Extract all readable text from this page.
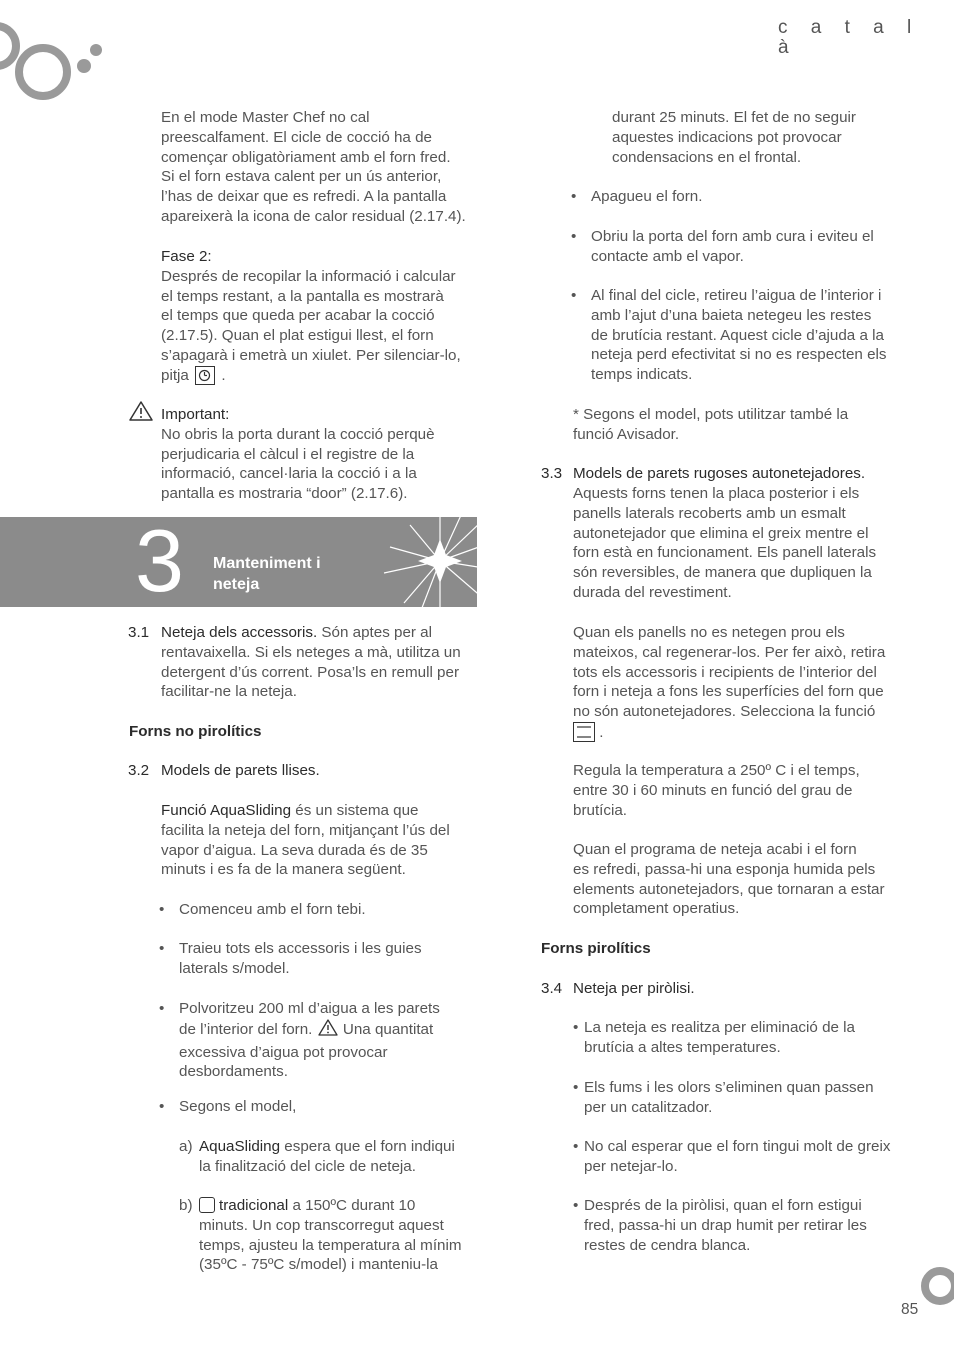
c a t a l à

En el mode Master Chef no cal

preescalfament. El cicle de cocció ha de

començar obligatòriament amb el forn fred.

Si el forn estava calent per un ús anterior,

l’has de deixar que es refredi. A la pantalla

apareixerà la icona de calor residual (2.17.4).

Fase 2:

Després de recopilar la informació i calcular

el temps restant, a la pantalla es mostrarà

el temps que queda per acabar la cocció

(2.17.5). Quan el plat estigui llest, el forn

s’apagarà i emetrà un xiulet. Per silenciar-lo,

pitja .

Important:

No obris la porta durant la cocció perquè

perjudicaria el càlcul i el registre de la

informació, cancel·laria la cocció i a la

pantalla es mostraria “door” (2.17.6).

3 Manteniment i neteja
3.1 Neteja dels accessoris. Són aptes per al

rentavaixella. Si els neteges a mà, utilitza un

detergent d’ús corrent. Posa’ls en remull per

facilitar-ne la neteja.

Forns no pirolítics
3.2 Models de parets llises.

Funció AquaSliding és un sistema que

facilita la neteja del forn, mitjançant l’ús del

vapor d’aigua. La seva durada és de 35

minuts i es fa de la manera següent.

• Comenceu amb el forn tebi.
• Traieu tots els accessoris i les guies

laterals s/model.

• Polvoritzeu 200 ml d’aigua a les parets

de l’interior del forn. Una quantitat

excessiva d’aigua pot provocar

desbordaments.

• Segons el model,
a) AquaSliding espera que el forn indiqui

la finalització del cicle de neteja.

b)	tradicional a 150ºC durant 10

minuts. Un cop transcorregut aquest

temps, ajusteu la temperatura al mínim

(35ºC - 75ºC s/model) i manteniu-la

durant 25 minuts. El fet de no seguir

aquestes indicacions pot provocar

condensacions en el frontal.

• Apagueu el forn.
• Obriu la porta del forn amb cura i eviteu el

contacte amb el vapor.

• Al final del cicle, retireu l’aigua de l’interior i

amb l’ajut d’una baieta netegeu les restes

de brutícia restant. Aquest cicle d’ajuda a la

neteja perd efectivitat si no es respecten els

temps indicats.

* Segons el model, pots utilitzar també la

funció Avisador.

3.3 Models de parets rugoses autonetejadores.

Aquests forns tenen la placa posterior i els

panells laterals recoberts amb un esmalt

autonetejador que elimina el greix mentre el

forn està en funcionament. Els panell laterals

són reversibles, de manera que dupliquen la

durada del revestiment.

Quan els panells no es netegen prou els

mateixos, cal regenerar-los. Per fer això, retira

tots els accessoris i recipients de l’interior del

forn i neteja a fons les superfícies del forn que

no són autonetejadores. Selecciona la funció

.

Regula la temperatura a 250º C i el temps,

entre 30 i 60 minuts en funció del grau de

brutícia.

Quan el programa de neteja acabi i el forn

es refredi, passa-hi una esponja humida pels

elements autonetejadors, que tornaran a estar

completament operatius.

Forns pirolítics
3.4 Neteja per piròlisi.
• La neteja es realitza per eliminació de la

brutícia a altes temperatures.

• Els fums i les olors s’eliminen quan passen

per un catalitzador.

• No cal esperar que el forn tingui molt de greix

per netejar-lo.

• Després de la piròlisi, quan el forn estigui

fred, passa-hi un drap humit per retirar les

restes de cendra blanca.

85
